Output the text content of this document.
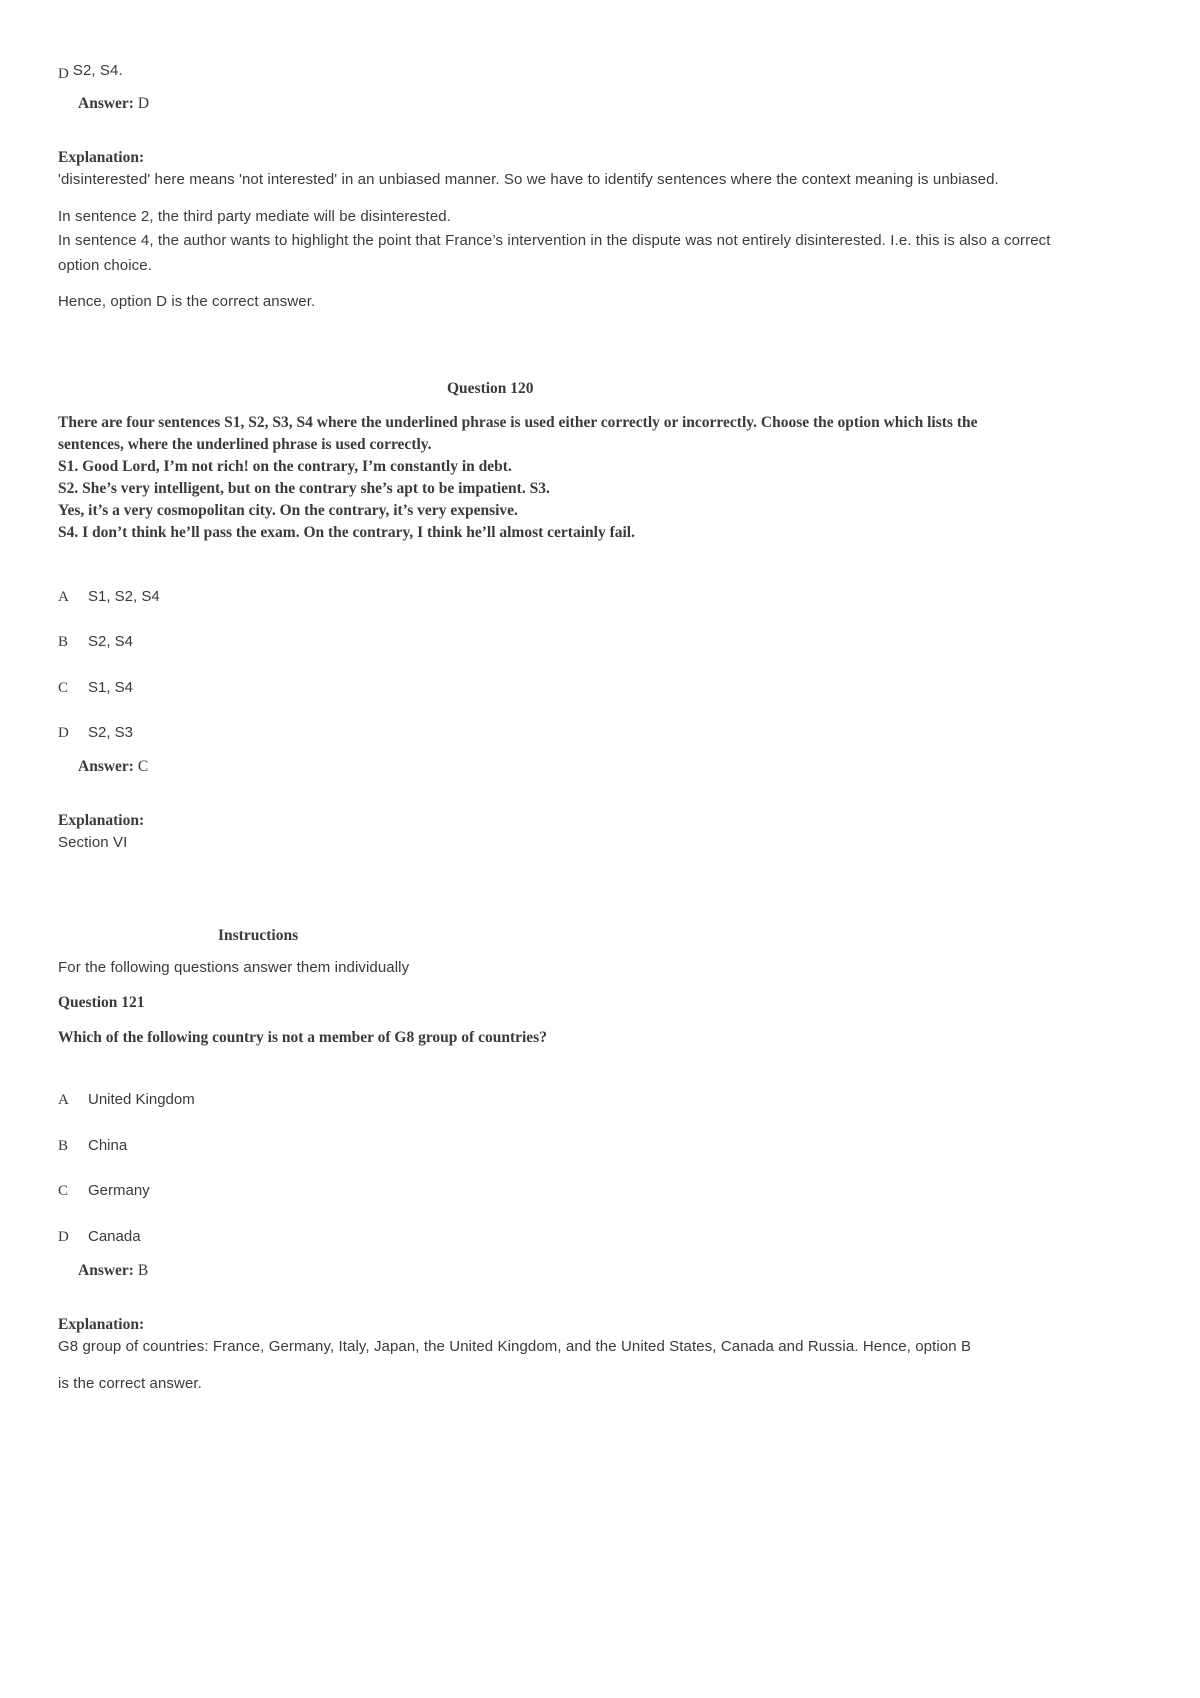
D S2, S4.
Answer: D
Explanation:
'disinterested' here means 'not interested' in an unbiased manner. So we have to identify sentences where the context meaning is unbiased.
In sentence 2, the third party mediate will be disinterested.
In sentence 4, the author wants to highlight the point that France’s intervention in the dispute was not entirely disinterested. I.e. this is also a correct
option choice.
Hence, option D is the correct answer.
Question 120
There are four sentences S1, S2, S3, S4 where the underlined phrase is used either correctly or incorrectly. Choose the option which lists the
sentences, where the underlined phrase is used correctly.
S1. Good Lord, I’m not rich! on the contrary, I’m constantly in debt.
S2. She’s very intelligent, but on the contrary she’s apt to be impatient. S3.
Yes, it’s a very cosmopolitan city. On the contrary, it’s very expensive.
S4. I don’t think he’ll pass the exam. On the contrary, I think he’ll almost certainly fail.
A S1, S2, S4
B S2, S4
C S1, S4
D S2, S3
Answer: C
Explanation:
Section VI
Instructions
For the following questions answer them individually
Question 121
Which of the following country is not a member of G8 group of countries?
A United Kingdom
B China
C Germany
D Canada
Answer: B
Explanation:
G8 group of countries: France, Germany, Italy, Japan, the United Kingdom, and the United States, Canada and Russia. Hence, option B
is the correct answer.
